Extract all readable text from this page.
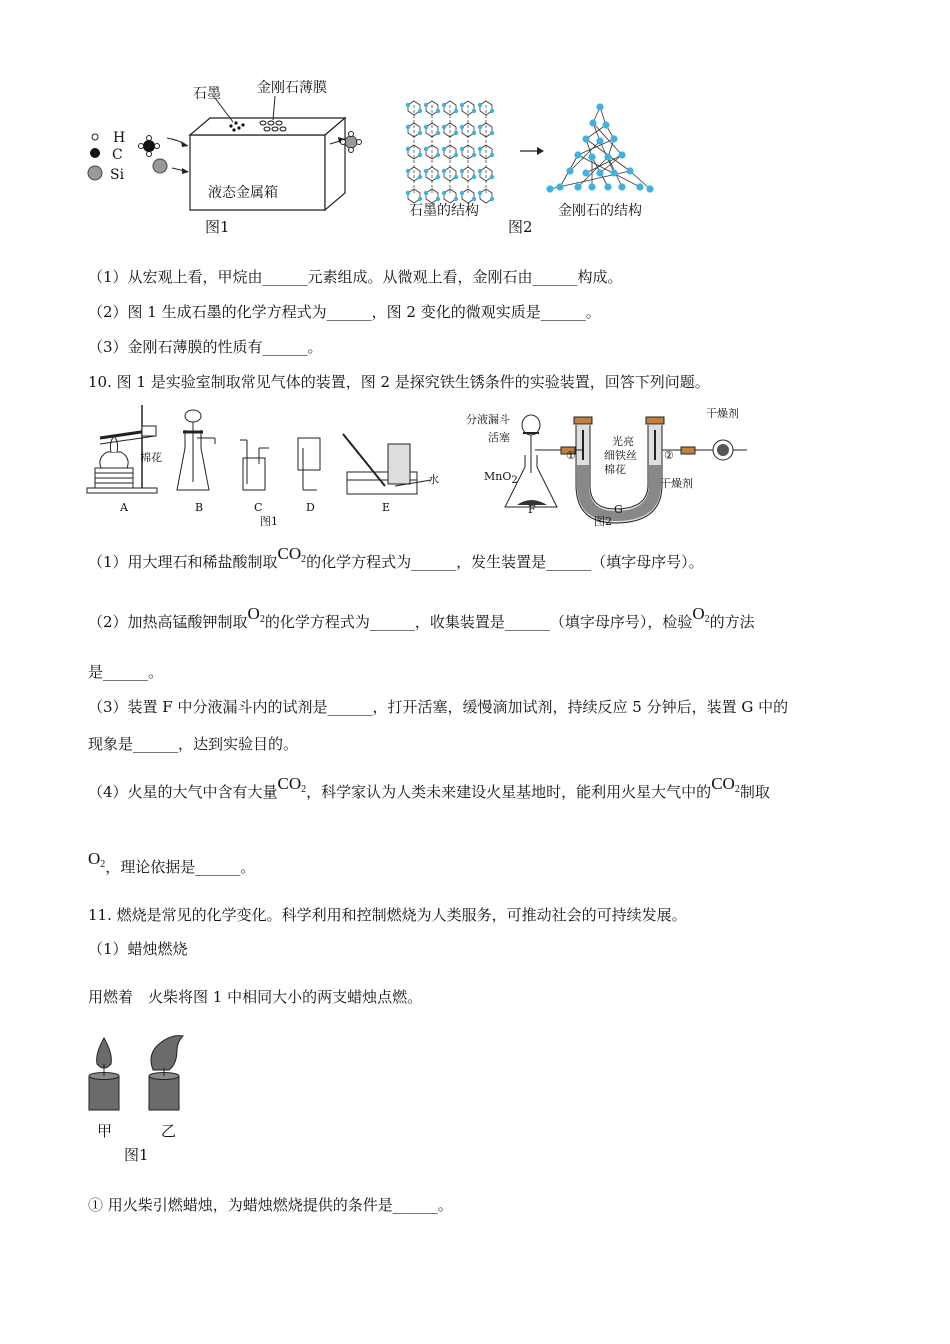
石墨	金刚石薄膜
H
C
Si
液态金属箱
图1
石墨的结构
图2
金刚石的结构
（1）从宏观上看，甲烷由______元素组成。从微观上看，金刚石由______构成。
（2）图 1 生成石墨的化学方程式为______，图 2 变化的微观实质是______。
（3）金刚石薄膜的性质有______。
10. 图 1 是实验室制取常见气体的装置，图 2 是探究铁生锈条件的实验装置，回答下列问题。
棉花
A	B	C	D	E
水
图1
分液漏斗
活塞
MnO2
F
①	②
光亮
细铁丝
棉花
干燥剂
干燥剂
G
图2
（1）用大理石和稀盐酸制取$CO_2$的化学方程式为______，发生装置是______（填字母序号）。
（2）加热高锰酸钾制取$O_2$的化学方程式为______，收集装置是______（填字母序号），检验$O_2$的方法
是______。
（3）装置 F 中分液漏斗内的试剂是______，打开活塞，缓慢滴加试剂，持续反应 5 分钟后，装置 G 中的
现象是______，达到实验目的。
（4）火星的大气中含有大量$CO_2$，科学家认为人类未来建设火星基地时，能利用火星大气中的$CO_2$制取
$O_2$，理论依据是______。
11. 燃烧是常见的化学变化。科学利用和控制燃烧为人类服务，可推动社会的可持续发展。
（1）蜡烛燃烧
用燃着　火柴将图 1 中相同大小的两支蜡烛点燃。
甲	乙
图1
① 用火柴引燃蜡烛，为蜡烛燃烧提供的条件是______。
